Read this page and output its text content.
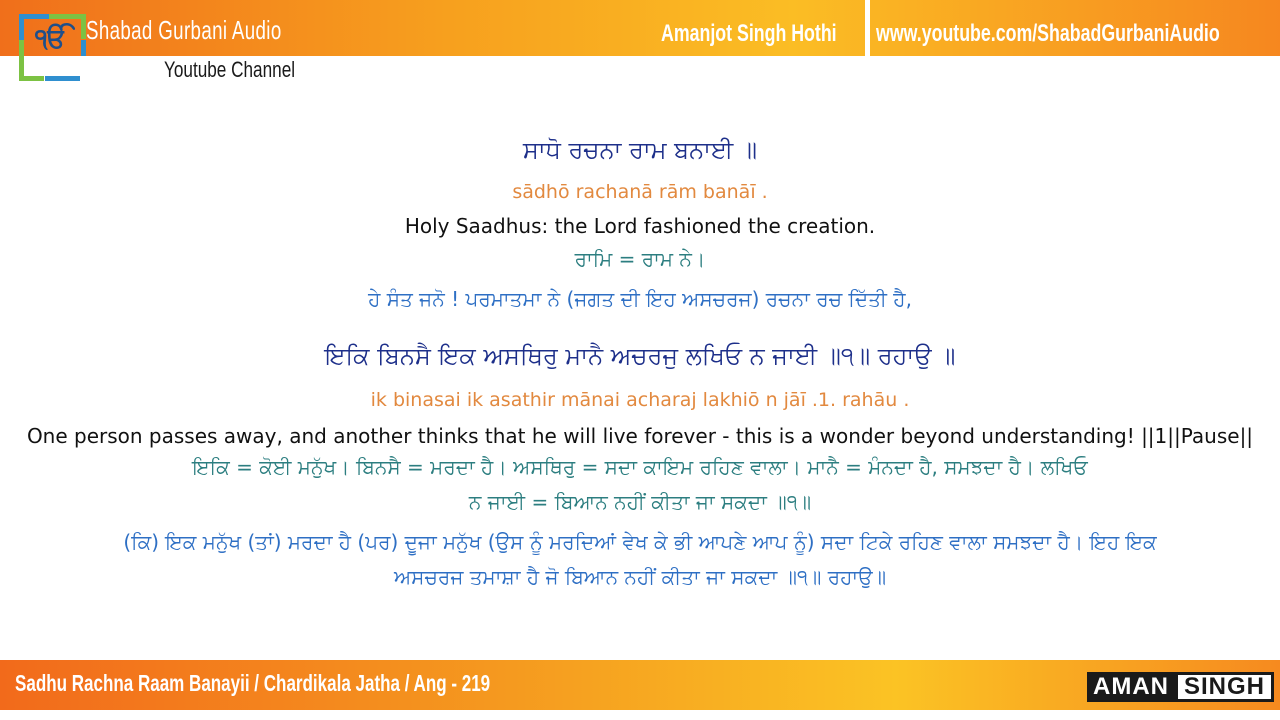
ੴ Shabad Gurbani Audio	Amanjot Singh Hothi www.youtube.com/ShabadGurbaniAudio
Youtube Channel
ਸਾਧੋ ਰਚਨਾ ਰਾਮ ਬਨਾਈ ॥
sādhō rachanā rām banāī .
Holy Saadhus: the Lord fashioned the creation.
ਰਾਮਿ = ਰਾਮ ਨੇ।
ਹੇ ਸੰਤ ਜਨੋ ! ਪਰਮਾਤਮਾ ਨੇ (ਜਗਤ ਦੀ ਇਹ ਅਸਚਰਜ) ਰਚਨਾ ਰਚ ਦਿੱਤੀ ਹੈ,
ਇਕਿ ਬਿਨਸੈ ਇਕ ਅਸਥਿਰੁ ਮਾਨੈ ਅਚਰਜੁ ਲਖਿਓ ਨ ਜਾਈ ॥੧॥ ਰਹਾਉ ॥
ik binasai ik asathir mānai acharaj lakhiō n jāī .1. rahāu .
One person passes away, and another thinks that he will live forever - this is a wonder beyond understanding! ||1||Pause||
ਇਕਿ = ਕੋਈ ਮਨੁੱਖ। ਬਿਨਸੈ = ਮਰਦਾ ਹੈ। ਅਸਥਿਰੁ = ਸਦਾ ਕਾਇਮ ਰਹਿਣ ਵਾਲਾ। ਮਾਨੈ = ਮੰਨਦਾ ਹੈ, ਸਮਝਦਾ ਹੈ। ਲਖਿਓ
ਨ ਜਾਈ = ਬਿਆਨ ਨਹੀਂ ਕੀਤਾ ਜਾ ਸਕਦਾ ॥੧॥
(ਕਿ) ਇਕ ਮਨੁੱਖ (ਤਾਂ) ਮਰਦਾ ਹੈ (ਪਰ) ਦੂਜਾ ਮਨੁੱਖ (ਉਸ ਨੂੰ ਮਰਦਿਆਂ ਵੇਖ ਕੇ ਭੀ ਆਪਣੇ ਆਪ ਨੂੰ) ਸਦਾ ਟਿਕੇ ਰਹਿਣ ਵਾਲਾ ਸਮਝਦਾ ਹੈ। ਇਹ ਇਕ
ਅਸਚਰਜ ਤਮਾਸ਼ਾ ਹੈ ਜੋ ਬਿਆਨ ਨਹੀਂ ਕੀਤਾ ਜਾ ਸਕਦਾ ॥੧॥ ਰਹਾਉ॥
Sadhu Rachna Raam Banayii / Chardikala Jatha / Ang - 219	AMAN SINGH
